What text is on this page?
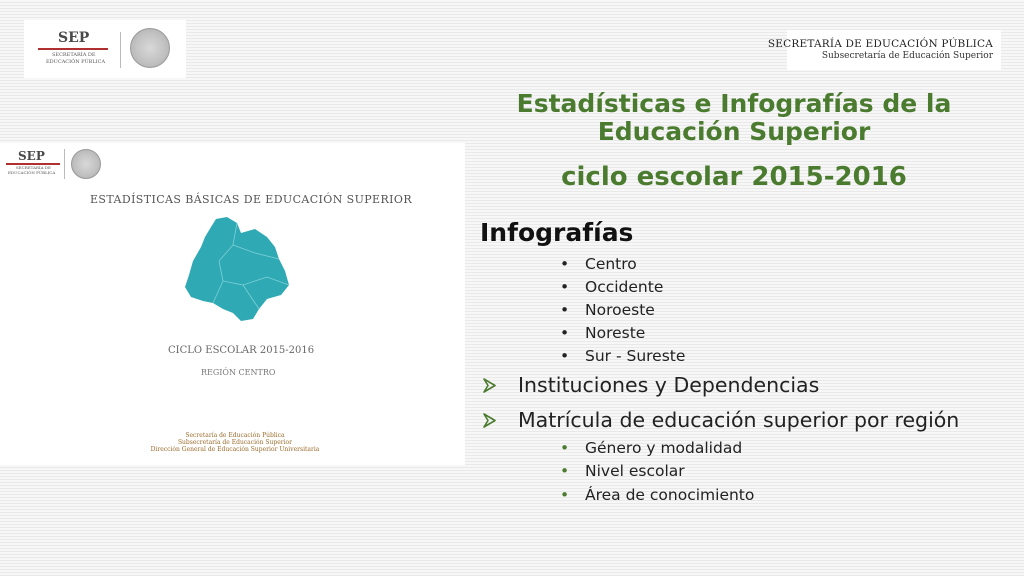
SEP
SECRETARÍA DE
EDUCACIÓN PÚBLICA
SECRETARÍA DE EDUCACIÓN PÚBLICA
Subsecretaría de Educación Superior
Estadísticas e Infografías de la
Educación Superior
ciclo escolar 2015-2016
SEP
SECRETARÍA DE
EDUCACIÓN PÚBLICA
ESTADÍSTICAS BÁSICAS DE EDUCACIÓN SUPERIOR
CICLO ESCOLAR 2015-2016
REGIÓN CENTRO
Secretaría de Educación Pública
Subsecretaría de Educación Superior
Dirección General de Educación Superior Universitaria
Infografías
• Centro
• Occidente
• Noroeste
• Noreste
• Sur - Sureste
Instituciones y Dependencias
Matrícula de educación superior por región
• Género y modalidad
• Nivel escolar
• Área de conocimiento
